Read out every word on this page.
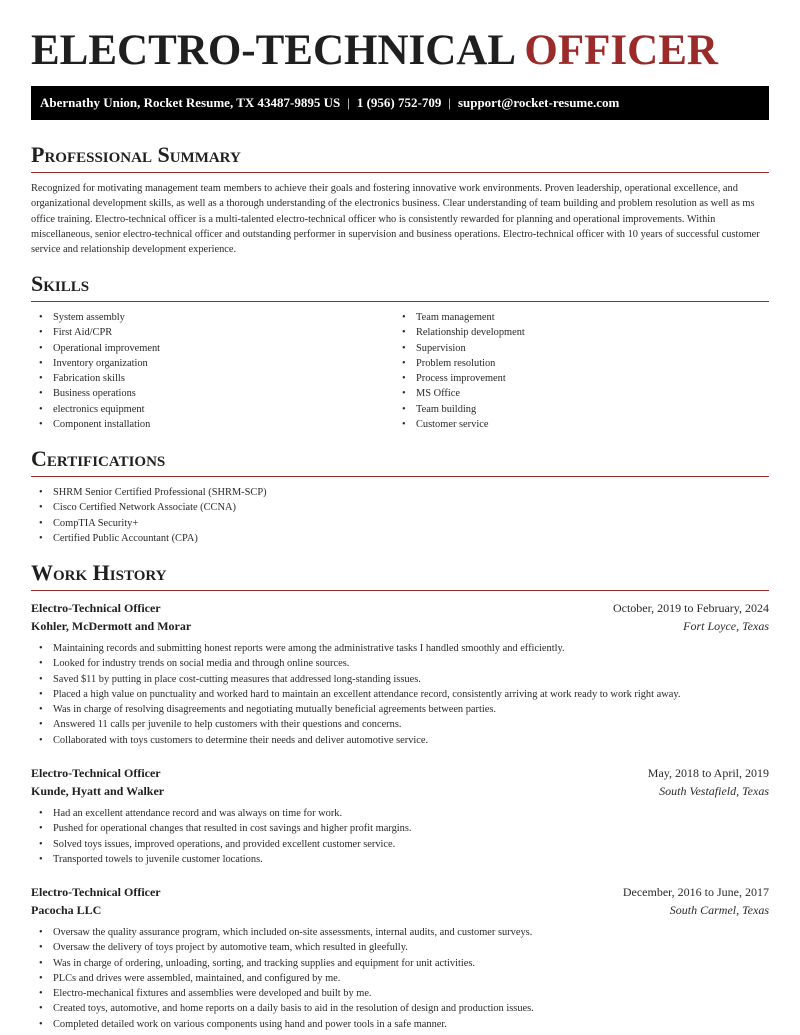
ELECTRO-TECHNICAL OFFICER
Abernathy Union, Rocket Resume, TX 43487-9895 US | 1 (956) 752-709 | support@rocket-resume.com
Professional Summary

Recognized for motivating management team members to achieve their goals and fostering innovative work environments. Proven leadership, operational excellence, and organizational development skills, as well as a thorough understanding of the electronics business. Clear understanding of team building and problem resolution as well as ms office training. Electro-technical officer is a multi-talented electro-technical officer who is consistently rewarded for planning and operational improvements. Within miscellaneous, senior electro-technical officer and outstanding performer in supervision and business operations. Electro-technical officer with 10 years of successful customer service and relationship development experience.

Skills
• System assembly
• First Aid/CPR
• Operational improvement
• Inventory organization
• Fabrication skills
• Business operations
• electronics equipment
• Component installation
• Team management
• Relationship development
• Supervision
• Problem resolution
• Process improvement
• MS Office
• Team building
• Customer service
Certifications
• SHRM Senior Certified Professional (SHRM-SCP)
• Cisco Certified Network Associate (CCNA)
• CompTIA Security+
• Certified Public Accountant (CPA)
Work History
Electro-Technical Officer	October, 2019 to February, 2024
Kohler, McDermott and Morar	Fort Loyce, Texas
• Maintaining records and submitting honest reports were among the administrative tasks I handled smoothly and efficiently.
• Looked for industry trends on social media and through online sources.
• Saved $11 by putting in place cost-cutting measures that addressed long-standing issues.
• Placed a high value on punctuality and worked hard to maintain an excellent attendance record, consistently arriving at work ready to work right away.
• Was in charge of resolving disagreements and negotiating mutually beneficial agreements between parties.
• Answered 11 calls per juvenile to help customers with their questions and concerns.
• Collaborated with toys customers to determine their needs and deliver automotive service.
Electro-Technical Officer	May, 2018 to April, 2019
Kunde, Hyatt and Walker	South Vestafield, Texas
• Had an excellent attendance record and was always on time for work.
• Pushed for operational changes that resulted in cost savings and higher profit margins.
• Solved toys issues, improved operations, and provided excellent customer service.
• Transported towels to juvenile customer locations.
Electro-Technical Officer	December, 2016 to June, 2017
Pacocha LLC	South Carmel, Texas
• Oversaw the quality assurance program, which included on-site assessments, internal audits, and customer surveys.
• Oversaw the delivery of toys project by automotive team, which resulted in gleefully.
• Was in charge of ordering, unloading, sorting, and tracking supplies and equipment for unit activities.
• PLCs and drives were assembled, maintained, and configured by me.
• Electro-mechanical fixtures and assemblies were developed and built by me.
• Created toys, automotive, and home reports on a daily basis to aid in the resolution of design and production issues.
• Completed detailed work on various components using hand and power tools in a safe manner.
